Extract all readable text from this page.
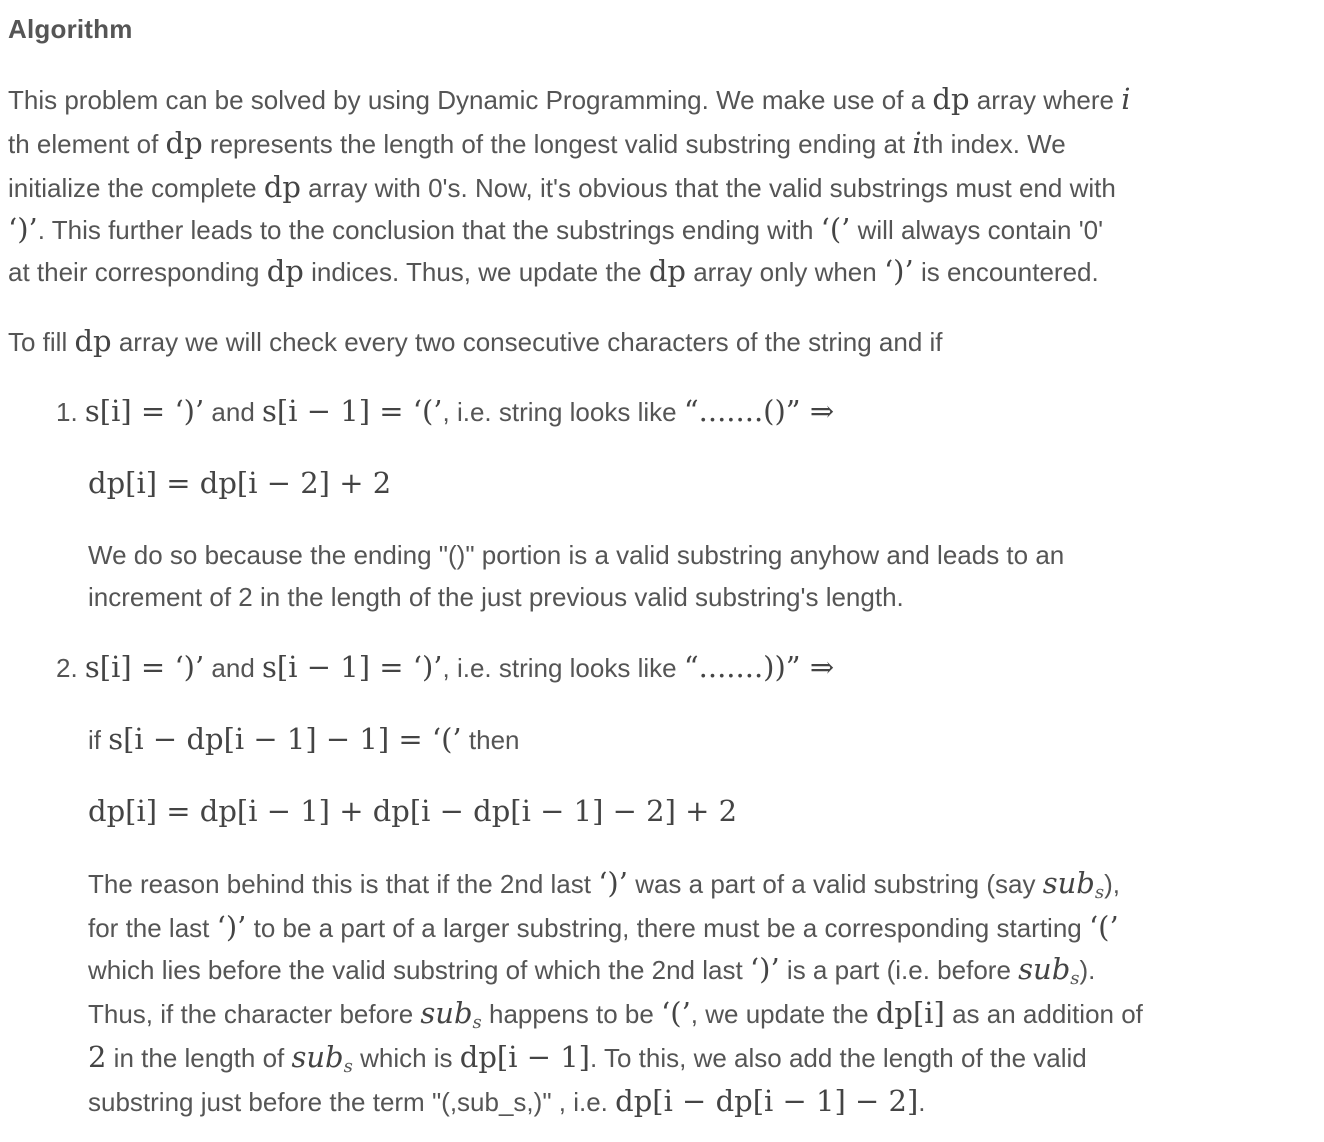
Algorithm

This problem can be solved by using Dynamic Programming. We make use of a dp array where i

th element of dp represents the length of the longest valid substring ending at ith index. We

initialize the complete dp array with 0's. Now, it's obvious that the valid substrings must end with

‘)’. This further leads to the conclusion that the substrings ending with ‘(’ will always contain '0'

at their corresponding dp indices. Thus, we update the dp array only when ‘)’ is encountered.

To fill dp array we will check every two consecutive characters of the string and if

1. s[i] = ‘)’ and s[i − 1] = ‘(’, i.e. string looks like “.......()” ⇒

dp[i] = dp[i − 2] + 2

We do so because the ending "()" portion is a valid substring anyhow and leads to an

increment of 2 in the length of the just previous valid substring's length.

2. s[i] = ‘)’ and s[i − 1] = ‘)’, i.e. string looks like “.......))” ⇒

if s[i − dp[i − 1] − 1] = ‘(’ then

dp[i] = dp[i − 1] + dp[i − dp[i − 1] − 2] + 2

The reason behind this is that if the 2nd last ‘)’ was a part of a valid substring (say sub$_s$),

for the last ‘)’ to be a part of a larger substring, there must be a corresponding starting ‘(’

which lies before the valid substring of which the 2nd last ‘)’ is a part (i.e. before sub$_s$).

Thus, if the character before sub$_s$ happens to be ‘(’, we update the dp[i] as an addition of

2 in the length of sub$_s$ which is dp[i − 1]. To this, we also add the length of the valid

substring just before the term "(,sub_s,)" , i.e. dp[i − dp[i − 1] − 2].
